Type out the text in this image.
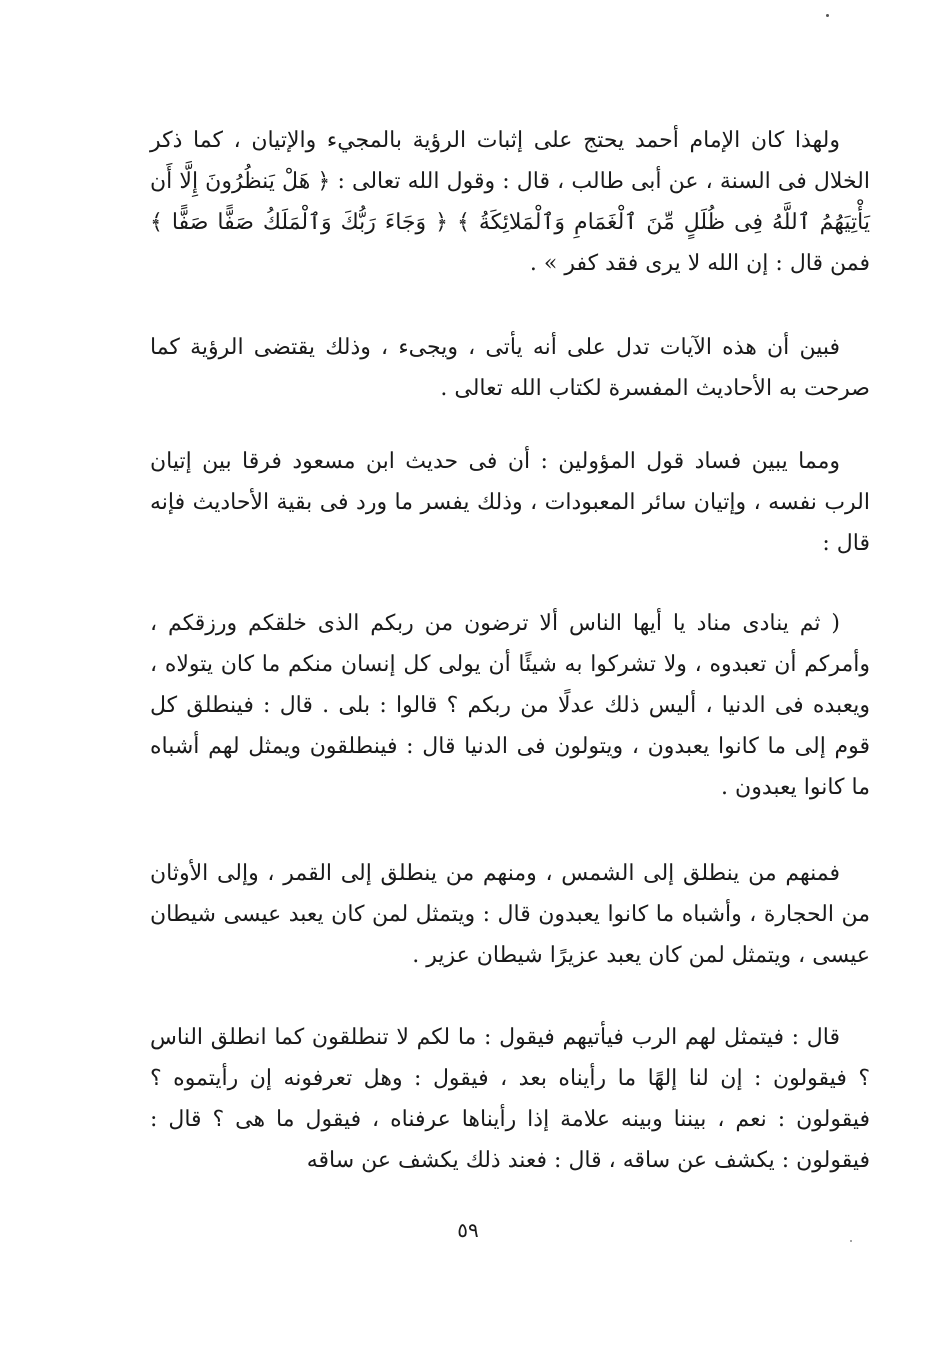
ولهذا كان الإمام أحمد يحتج على إثبات الرؤية بالمجيء والإتيان ، كما ذكر الخلال فى السنة ، عن أبى طالب ، قال : وقول الله تعالى : ﴿ هَلْ يَنظُرُونَ إِلَّا أَن يَأْتِيَهُمُ ٱللَّهُ فِى ظُلَلٍ مِّنَ ٱلْغَمَامِ وَٱلْمَلائِكَةُ ﴾ ﴿ وَجَاءَ رَبُّكَ وَٱلْمَلَكُ صَفًّا صَفًّا ﴾ فمن قال : إن الله لا يرى فقد كفر » .

فبين أن هذه الآيات تدل على أنه يأتى ، ويجىء ، وذلك يقتضى الرؤية كما صرحت به الأحاديث المفسرة لكتاب الله تعالى .

ومما يبين فساد قول المؤولين : أن فى حديث ابن مسعود فرقا بين إتيان الرب نفسه ، وإتيان سائر المعبودات ، وذلك يفسر ما ورد فى بقية الأحاديث فإنه قال :

( ثم ينادى مناد يا أيها الناس ألا ترضون من ربكم الذى خلقكم ورزقكم ، وأمركم أن تعبدوه ، ولا تشركوا به شيئًا أن يولى كل إنسان منكم ما كان يتولاه ، ويعبده فى الدنيا ، أليس ذلك عدلًا من ربكم ؟ قالوا : بلى . قال : فينطلق كل قوم إلى ما كانوا يعبدون ، ويتولون فى الدنيا قال : فينطلقون ويمثل لهم أشباه ما كانوا يعبدون .

فمنهم من ينطلق إلى الشمس ، ومنهم من ينطلق إلى القمر ، وإلى الأوثان من الحجارة ، وأشباه ما كانوا يعبدون قال : ويتمثل لمن كان يعبد عيسى شيطان عيسى ، ويتمثل لمن كان يعبد عزيرًا شيطان عزير .

قال : فيتمثل لهم الرب فيأتيهم فيقول : ما لكم لا تنطلقون كما انطلق الناس ؟ فيقولون : إن لنا إلهًا ما رأيناه بعد ، فيقول : وهل تعرفونه إن رأيتموه ؟ فيقولون : نعم ، بيننا وبينه علامة إذا رأيناها عرفناه ، فيقول ما هى ؟ قال : فيقولون : يكشف عن ساقه ، قال : فعند ذلك يكشف عن ساقه

٥٩
